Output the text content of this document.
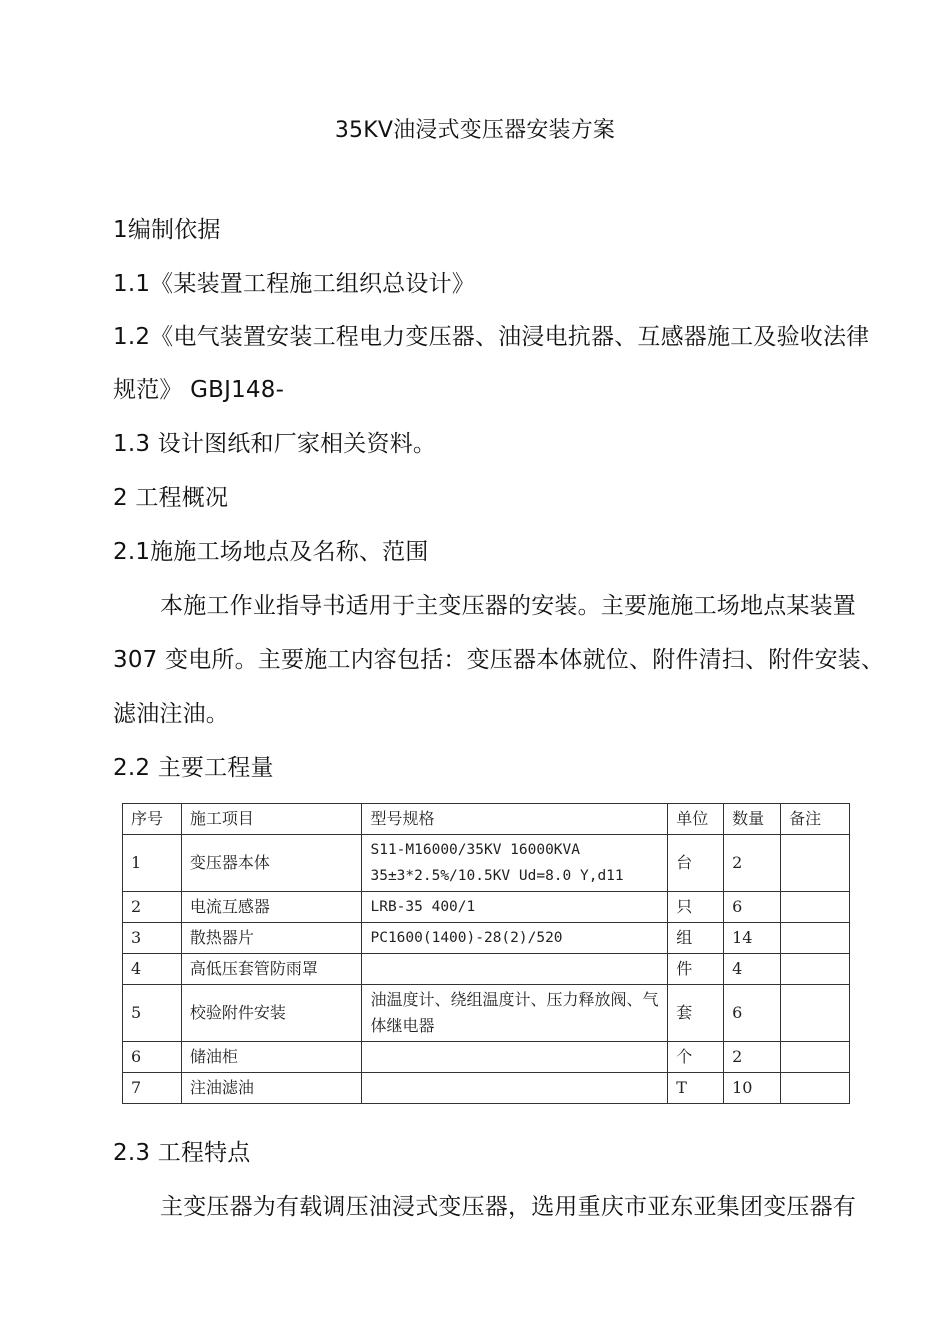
35KV油浸式变压器安装方案
1编制依据
1.1《某装置工程施工组织总设计》
1.2《电气装置安装工程电力变压器、油浸电抗器、互感器施工及验收法律
规范》 GBJ148-
1.3 设计图纸和厂家相关资料。
2 工程概况
2.1施施工场地点及名称、范围
本施工作业指导书适用于主变压器的安装。主要施施工场地点某装置
307 变电所。主要施工内容包括：变压器本体就位、附件清扫、附件安装、
滤油注油。
2.2 主要工程量
序号	施工项目	型号规格	单位	数量	备注
1	变压器本体	S11-M16000/35KV 16000KVA
35±3*2.5%/10.5KV Ud=8.0 Y,d11	台	2	
2	电流互感器	LRB-35 400/1	只	6	
3	散热器片	PC1600(1400)-28(2)/520	组	14	
4	高低压套管防雨罩		件	4	
5	校验附件安装	油温度计、绕组温度计、压力释放阀、气体继电器	套	6	
6	储油柜		个	2	
7	注油滤油		T	10	
2.3 工程特点
主变压器为有载调压油浸式变压器，选用重庆市亚东亚集团变压器有
